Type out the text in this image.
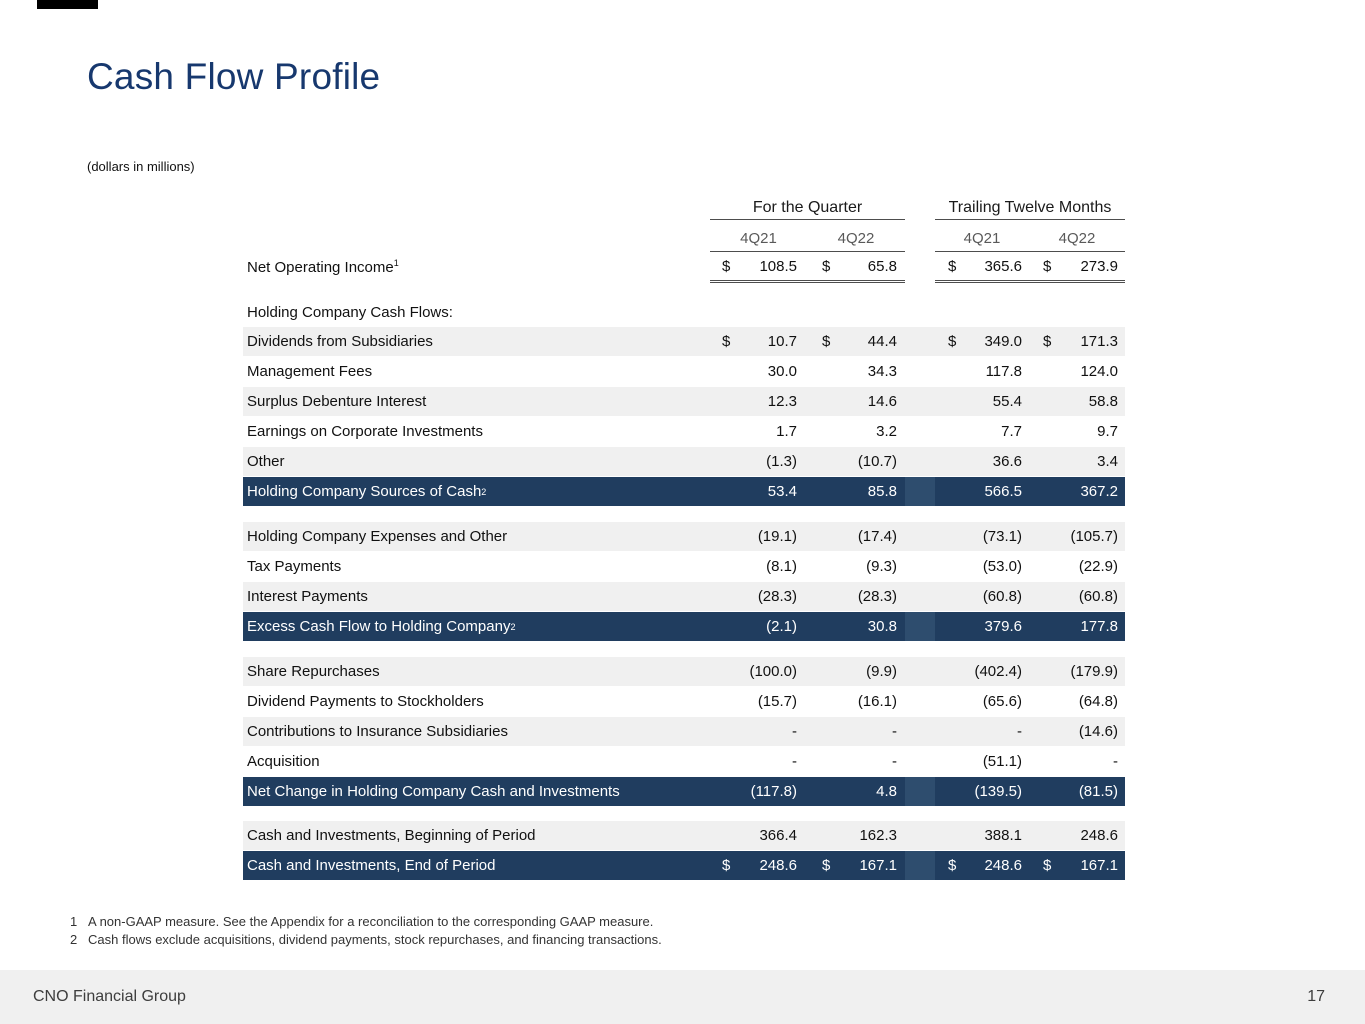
Cash Flow Profile
(dollars in millions)
For the Quarter	Trailing Twelve Months
4Q21	4Q22	4Q21	4Q22
Net Operating Income$^1$	$ 108.5 $ 65.8	$ 365.6 $ 273.9
Holding Company Cash Flows:
Dividends from Subsidiaries	$ 10.7 $ 44.4	$ 349.0 $ 171.3
Management Fees	30.0	34.3	117.8	124.0
Surplus Debenture Interest	12.3	14.6	55.4	58.8
Earnings on Corporate Investments	1.7	3.2	7.7	9.7
Other	(1.3)	(10.7)	36.6	3.4
Holding Company Sources of Cash 2	53.4	85.8	566.5	367.2
Holding Company Expenses and Other	(19.1)	(17.4)	(73.1)	(105.7)
Tax Payments	(8.1)	(9.3)	(53.0)	(22.9)
Interest Payments	(28.3)	(28.3)	(60.8)	(60.8)
Excess Cash Flow to Holding Company 2	(2.1)	30.8	379.6	177.8
Share Repurchases	(100.0)	(9.9)	(402.4)	(179.9)
Dividend Payments to Stockholders	(15.7)	(16.1)	(65.6)	(64.8)
Contributions to Insurance Subsidiaries	-	-	-	(14.6)
Acquisition	-	-	(51.1)	-
Net Change in Holding Company Cash and Investments	(117.8)	4.8	(139.5)	(81.5)
Cash and Investments, Beginning of Period	366.4	162.3	388.1	248.6
Cash and Investments, End of Period	$ 248.6 $ 167.1	$ 248.6 $ 167.1
1 A non-GAAP measure. See the Appendix for a reconciliation to the corresponding GAAP measure.
2 Cash flows exclude acquisitions, dividend payments, stock repurchases, and financing transactions.
CNO Financial Group	17
